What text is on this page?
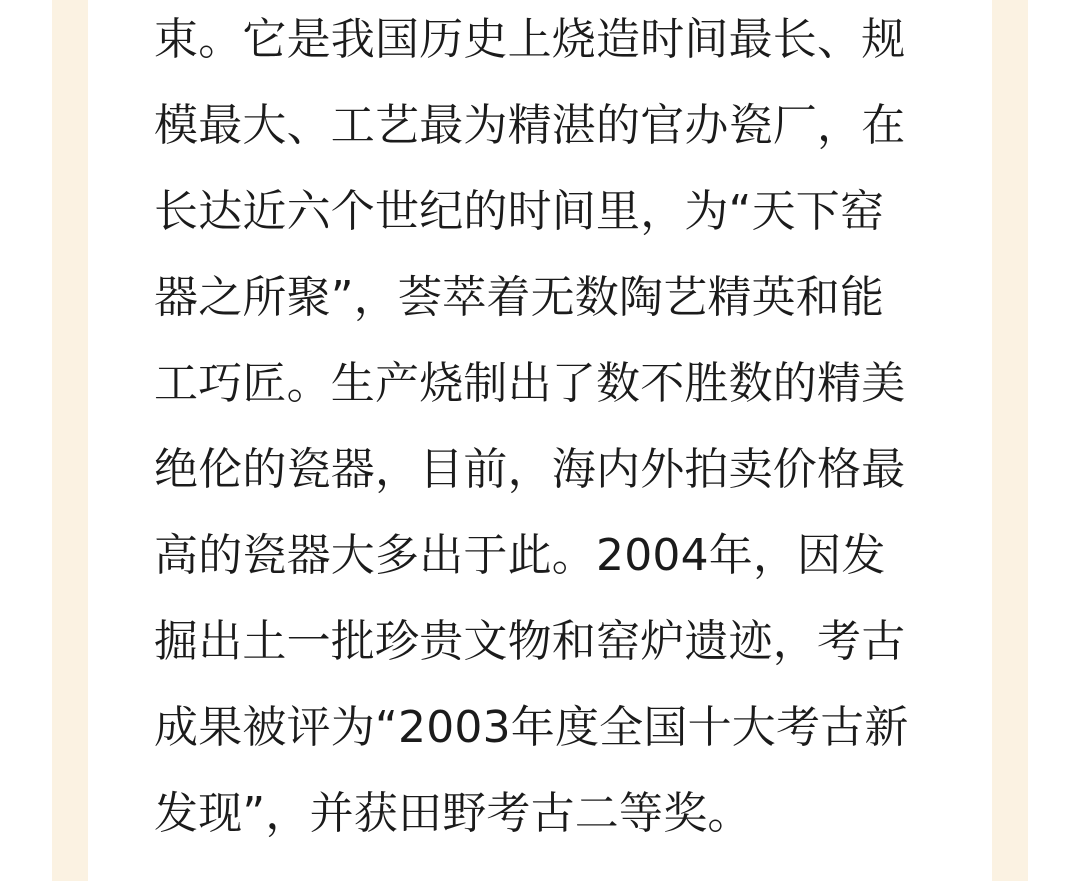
束。它是我国历史上烧造时间最长、规
模最大、工艺最为精湛的官办瓷厂，在
长达近六个世纪的时间里，为“天下窑
器之所聚”，荟萃着无数陶艺精英和能
工巧匠。生产烧制出了数不胜数的精美
绝伦的瓷器，目前，海内外拍卖价格最
高的瓷器大多出于此。2004年，因发
掘出土一批珍贵文物和窑炉遗迹，考古
成果被评为“2003年度全国十大考古新
发现”，并获田野考古二等奖。
